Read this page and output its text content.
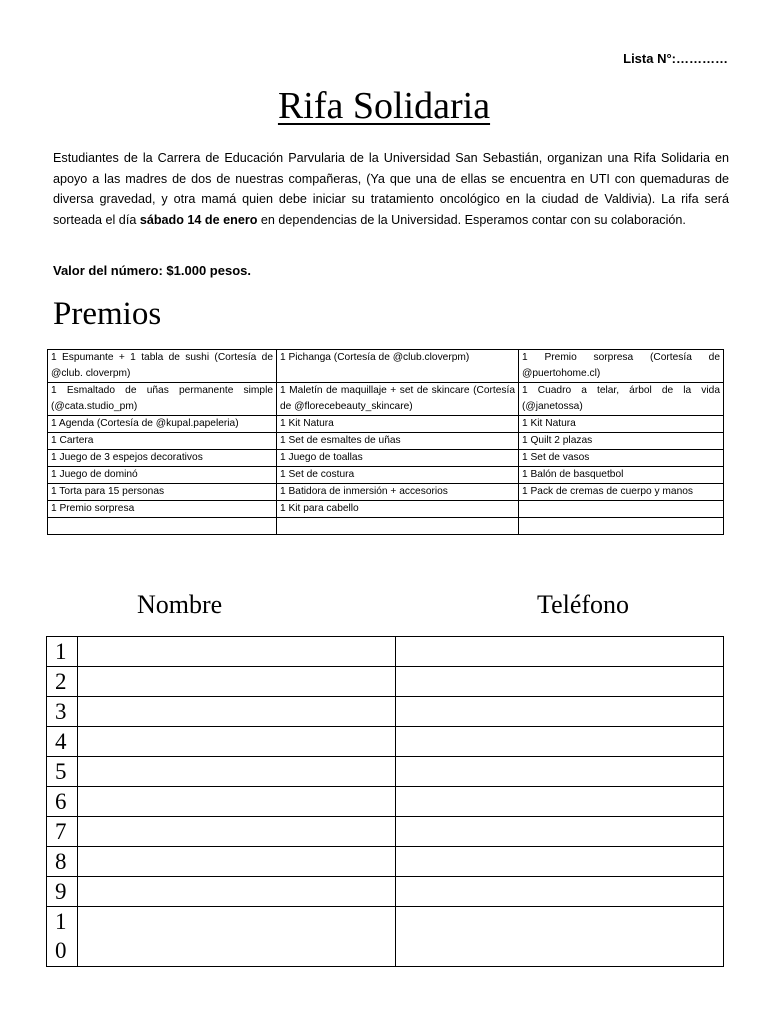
Lista N°:…………
Rifa Solidaria

Estudiantes de la Carrera de Educación Parvularia de la Universidad San Sebastián, organizan una Rifa Solidaria en apoyo a las madres de dos de nuestras compañeras, (Ya que una de ellas se encuentra en UTI con quemaduras de diversa gravedad, y otra mamá quien debe iniciar su tratamiento oncológico en la ciudad de Valdivia). La rifa será sorteada el día sábado 14 de enero en dependencias de la Universidad. Esperamos contar con su colaboración.

Valor del número: $1.000 pesos.
Premios
1 Espumante + 1 tabla de sushi (Cortesía de @club. cloverpm)	1 Pichanga (Cortesía de @club.cloverpm)	1 Premio sorpresa (Cortesía de @puertohome.cl)
1 Esmaltado de uñas permanente simple (@cata.studio_pm)	1 Maletín de maquillaje + set de skincare (Cortesía de @florecebeauty_skincare)	1 Cuadro a telar, árbol de la vida (@janetossa)
1 Agenda (Cortesía de @kupal.papeleria)	1 Kit Natura	1 Kit Natura
1 Cartera	1 Set de esmaltes de uñas	1 Quilt 2 plazas
1 Juego de 3 espejos decorativos	1 Juego de toallas	1 Set de vasos
1 Juego de dominó	1 Set de costura	1 Balón de basquetbol
1 Torta para 15 personas	1 Batidora de inmersión + accesorios	1 Pack de cremas de cuerpo y manos
1 Premio sorpresa	1 Kit para cabello	

Nombre	Teléfono
1		

2		

3		

4		

5		

6		

7		

8		

9		

10		
